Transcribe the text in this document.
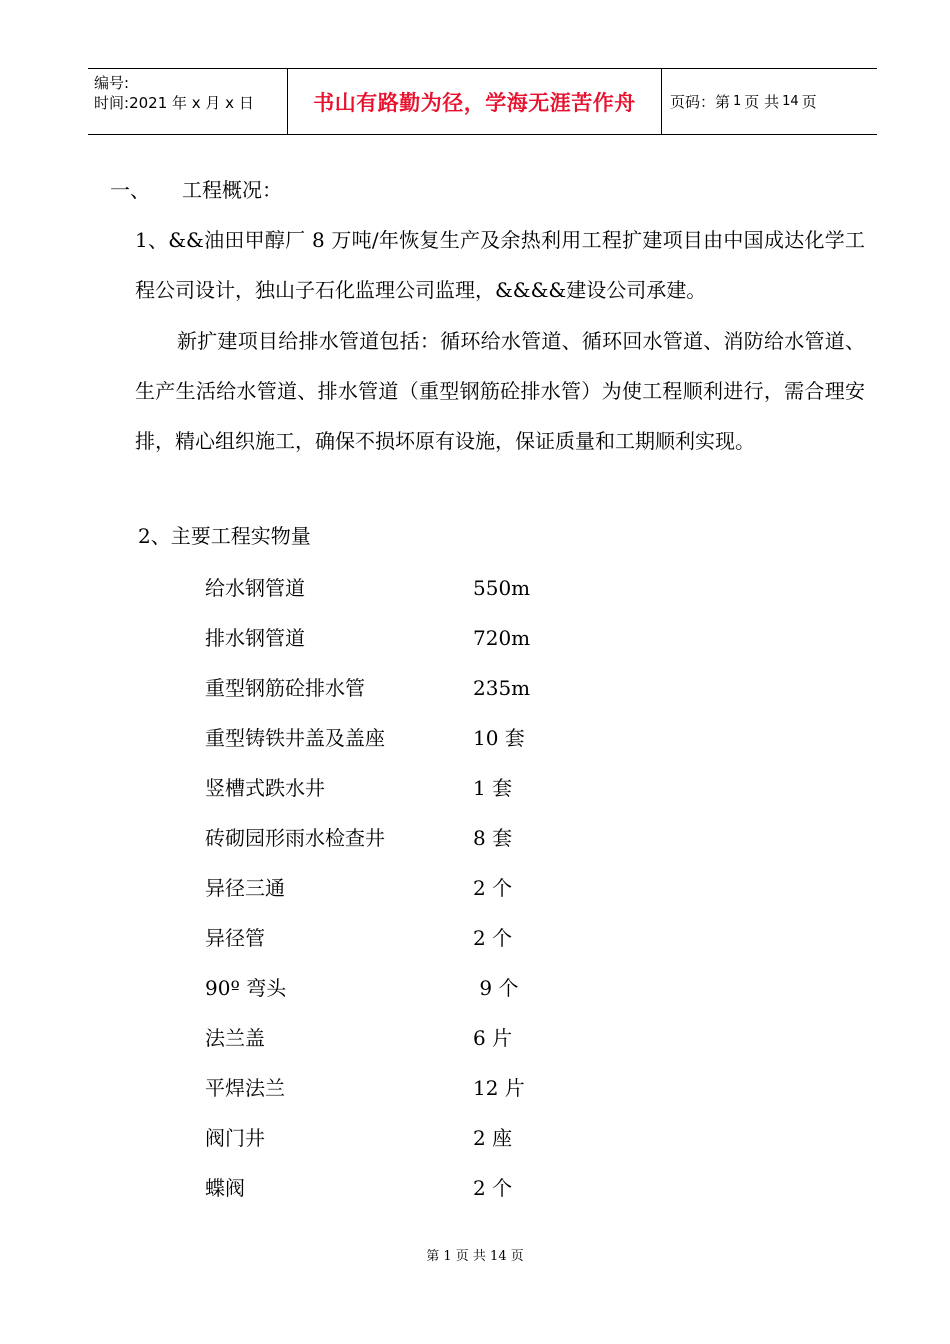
编号:
时间:2021 年 x 月 x 日	书山有路勤为径，学海无涯苦作舟	页码：第 1 页 共 14 页
一、 工程概况：
1、&&油田甲醇厂 8 万吨/年恢复生产及余热利用工程扩建项目由中国成达化学工程公司设计，独山子石化监理公司监理，&&&&建设公司承建。
新扩建项目给排水管道包括：循环给水管道、循环回水管道、消防给水管道、生产生活给水管道、排水管道（重型钢筋砼排水管）为使工程顺利进行，需合理安排，精心组织施工，确保不损坏原有设施，保证质量和工期顺利实现。
2、主要工程实物量
给水钢管道	550m
排水钢管道	720m
重型钢筋砼排水管	235m
重型铸铁井盖及盖座	10 套
竖槽式跌水井	1 套
砖砌园形雨水检查井	8 套
异径三通	2 个
异径管	2 个
90º 弯头	9 个
法兰盖	6 片
平焊法兰	12 片
阀门井	2 座
蝶阀	2 个
第 1 页 共 14 页
